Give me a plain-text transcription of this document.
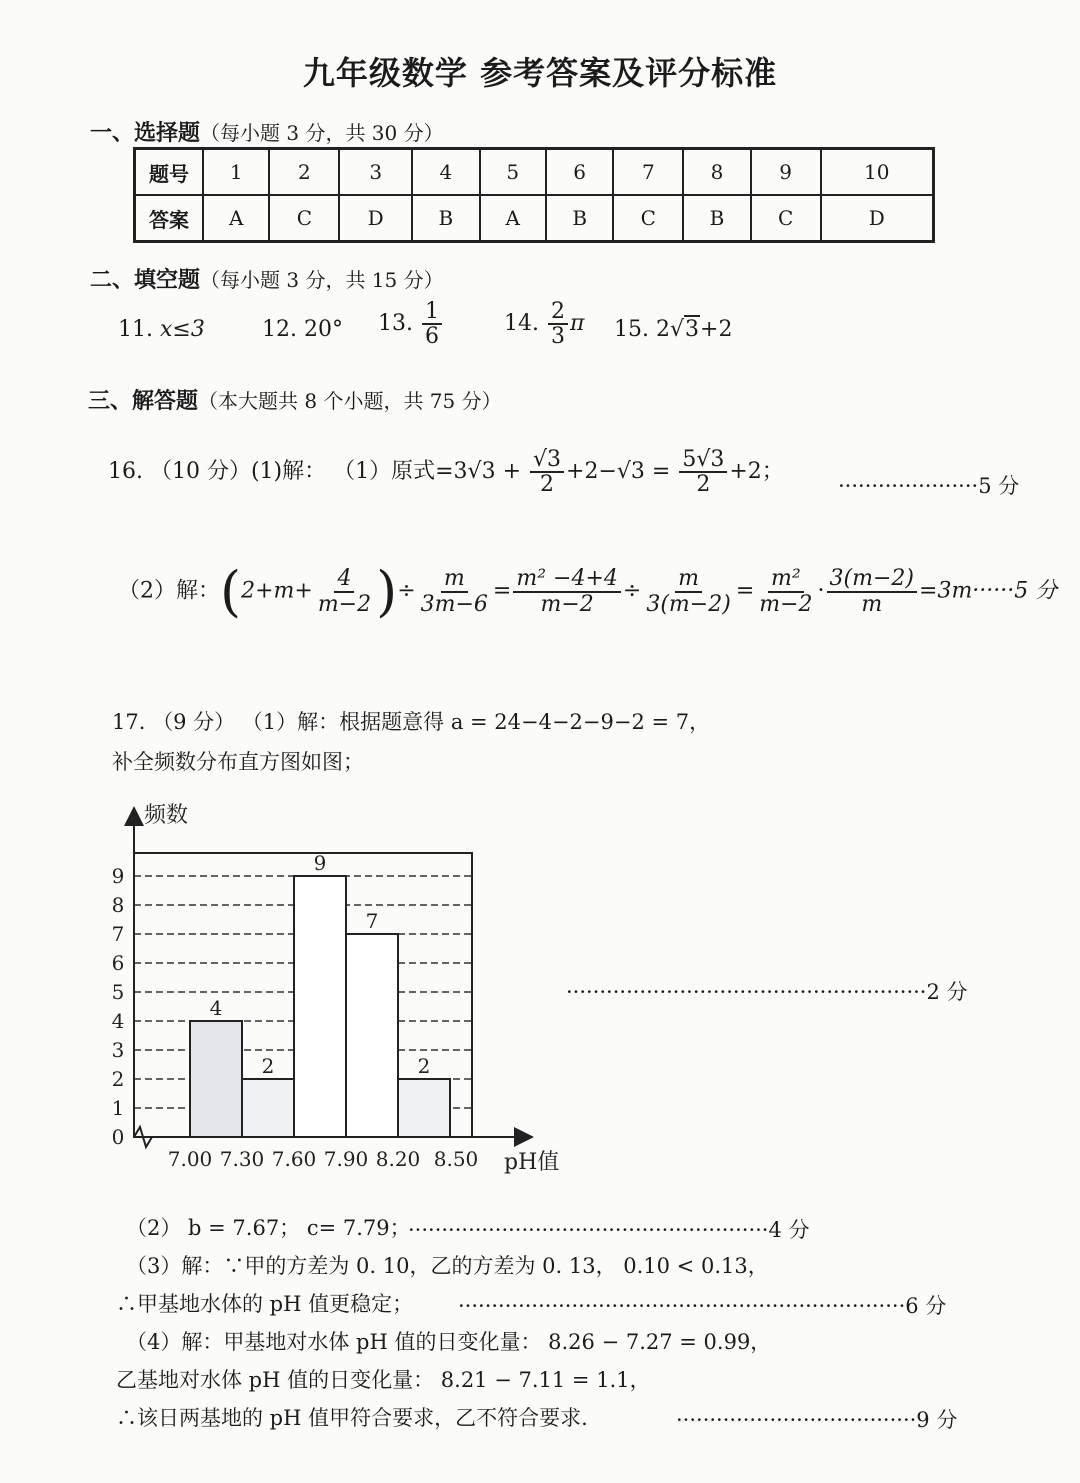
九年级数学 参考答案及评分标准
一、选择题（每小题 3 分，共 30 分）
题号	1	2	3	4	5	6	7	8	9	10
答案	A	C	D	B	A	B	C	B	C	D
二、填空题（每小题 3 分，共 15 分）
11. x≤3	12. 20° 13. $\frac{1}{6}$	14. $\frac{2}{3}$ π 15. 2√3+2
三、解答题（本大题共 8 个小题，共 75 分）
16. （10 分）(1)解： （1）原式$=3√3 + \frac{√3}{2} +2-√3 = \frac{5√3}{2} +2$；
·····················5 分
（2）解：($2+m+ \frac{4}{m-2}$ )÷ $\frac{m}{3m-6} = \frac{\text{m² −4+4}}{m-2} \div \frac{m}{3(m-2)} = \frac{\text{m²}}{m-2} \cdot \frac{3(m-2)}{m} =3m\cdot\cdot\cdot\cdot\cdot\cdot 5$ 分
17. （9 分） （1）解：根据题意得 a = 24−4−2−9−2 = 7，
补全频数分布直方图如图；
0
1
2
3
4
5
6
7
8
9
4
2
9
7
2
7.00 7.30 7.60 7.90 8.20 8.50
频数
pH值
······················································2 分
（2） b = 7.67； c= 7.79；
······················································4 分
（3）解：∵甲的方差为 0. 10，乙的方差为 0. 13， 0.10 < 0.13，
∴甲基地水体的 pH 值更稳定； ···································································6 分
（4）解：甲基地对水体 pH 值的日变化量： 8.26 − 7.27 = 0.99，
乙基地对水体 pH 值的日变化量： 8.21 − 7.11 = 1.1，
∴该日两基地的 pH 值甲符合要求，乙不符合要求.	····································9 分
